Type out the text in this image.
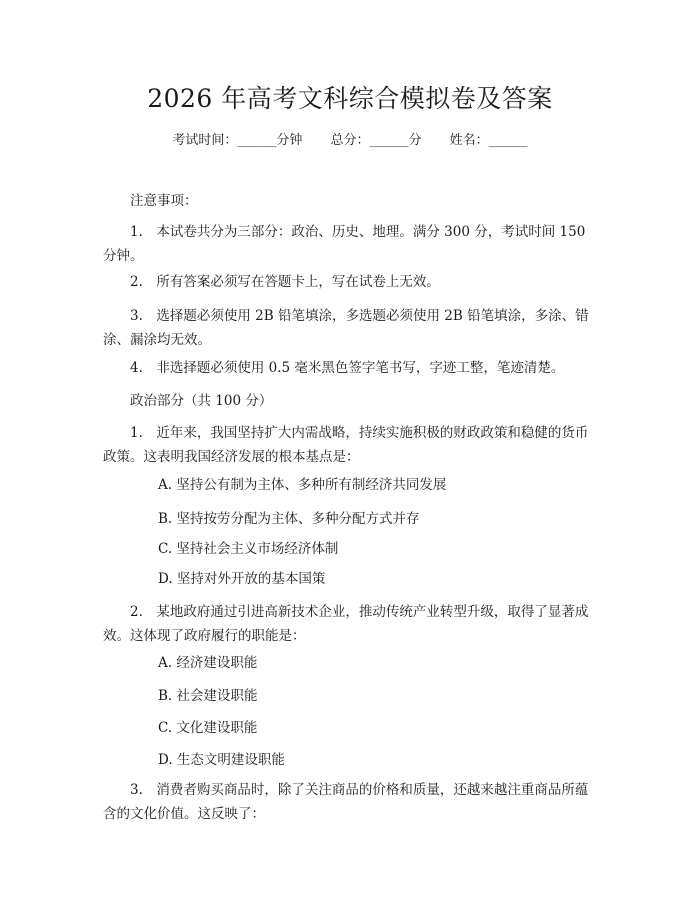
2026 年高考文科综合模拟卷及答案
考试时间：______分钟 总分：______分 姓名：______
注意事项：
1.　本试卷共分为三部分：政治、历史、地理。满分 300 分，考试时间 150 分钟。
2.　所有答案必须写在答题卡上，写在试卷上无效。
3.　选择题必须使用 2B 铅笔填涂，多选题必须使用 2B 铅笔填涂，多涂、错涂、漏涂均无效。
4.　非选择题必须使用 0.5 毫米黑色签字笔书写，字迹工整，笔迹清楚。
政治部分（共 100 分）
1.　近年来，我国坚持扩大内需战略，持续实施积极的财政政策和稳健的货币政策。这表明我国经济发展的根本基点是：
A. 坚持公有制为主体、多种所有制经济共同发展
B. 坚持按劳分配为主体、多种分配方式并存
C. 坚持社会主义市场经济体制
D. 坚持对外开放的基本国策
2.　某地政府通过引进高新技术企业，推动传统产业转型升级，取得了显著成效。这体现了政府履行的职能是：
A. 经济建设职能
B. 社会建设职能
C. 文化建设职能
D. 生态文明建设职能
3.　消费者购买商品时，除了关注商品的价格和质量，还越来越注重商品所蕴含的文化价值。这反映了：
